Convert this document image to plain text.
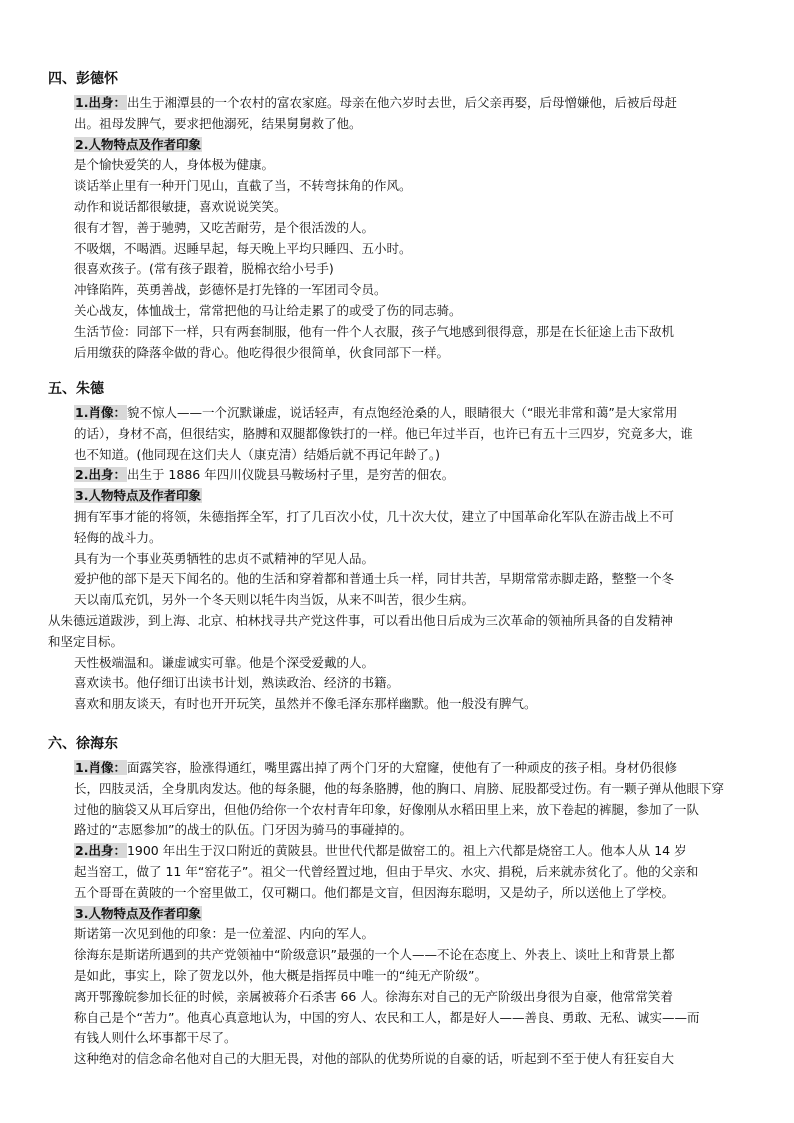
四、彭德怀
1.出身：出生于湘潭县的一个农村的富农家庭。母亲在他六岁时去世，后父亲再娶，后母憎嫌他，后被后母赶
出。祖母发脾气，要求把他溺死，结果舅舅救了他。
2.人物特点及作者印象
是个愉快爱笑的人，身体极为健康。
谈话举止里有一种开门见山，直截了当，不转弯抹角的作风。
动作和说话都很敏捷，喜欢说说笑笑。
很有才智，善于驰骋，又吃苦耐劳，是个很活泼的人。
不吸烟，不喝酒。迟睡早起，每天晚上平均只睡四、五小时。
很喜欢孩子。(常有孩子跟着，脱棉衣给小号手)
冲锋陷阵，英勇善战，彭德怀是打先锋的一军团司令员。
关心战友，体恤战士，常常把他的马让给走累了的或受了伤的同志骑。
生活节俭：同部下一样，只有两套制服，他有一件个人衣服，孩子气地感到很得意，那是在长征途上击下敌机
后用缴获的降落伞做的背心。他吃得很少很简单，伙食同部下一样。
五、朱德
1.肖像：貌不惊人——一个沉默谦虚，说话轻声，有点饱经沧桑的人，眼睛很大（“眼光非常和蔼”是大家常用
的话），身材不高，但很结实，胳膊和双腿都像铁打的一样。他已年过半百，也许已有五十三四岁，究竟多大，谁
也不知道。(他同现在这们夫人（康克清）结婚后就不再记年龄了。)
2.出身：出生于 1886 年四川仪陇县马鞍场村子里，是穷苦的佃农。
3.人物特点及作者印象
拥有军事才能的将领，朱德指挥全军，打了几百次小仗，几十次大仗，建立了中国革命化军队在游击战上不可
轻侮的战斗力。
具有为一个事业英勇牺牲的忠贞不贰精神的罕见人品。
爱护他的部下是天下闻名的。他的生活和穿着都和普通士兵一样，同甘共苦，早期常常赤脚走路，整整一个冬
天以南瓜充饥，另外一个冬天则以牦牛肉当饭，从来不叫苦，很少生病。
从朱德远道跋涉，到上海、北京、柏林找寻共产党这件事，可以看出他日后成为三次革命的领袖所具备的自发精神
和坚定目标。
天性极端温和。谦虚诚实可靠。他是个深受爱戴的人。
喜欢读书。他仔细订出读书计划，熟读政治、经济的书籍。
喜欢和朋友谈天，有时也开开玩笑，虽然并不像毛泽东那样幽默。他一般没有脾气。
六、徐海东
1.肖像：面露笑容，脸涨得通红，嘴里露出掉了两个门牙的大窟窿，使他有了一种顽皮的孩子相。身材仍很修
长，四肢灵活，全身肌肉发达。他的每条腿，他的每条胳膊，他的胸口、肩膀、屁股都受过伤。有一颗子弹从他眼下穿
过他的脑袋又从耳后穿出，但他仍给你一个农村青年印象，好像刚从水稻田里上来，放下卷起的裤腿，参加了一队
路过的“志愿参加”的战士的队伍。门牙因为骑马的事碰掉的。
2.出身：1900 年出生于汉口附近的黄陂县。世世代代都是做窑工的。祖上六代都是烧窑工人。他本人从 14 岁
起当窑工，做了 11 年“窑花子”。祖父一代曾经置过地，但由于旱灾、水灾、捐税，后来就赤贫化了。他的父亲和
五个哥哥在黄陂的一个窑里做工，仅可糊口。他们都是文盲，但因海东聪明，又是幼子，所以送他上了学校。
3.人物特点及作者印象
斯诺第一次见到他的印象：是一位羞涩、内向的军人。
徐海东是斯诺所遇到的共产党领袖中“阶级意识”最强的一个人——不论在态度上、外表上、谈吐上和背景上都
是如此，事实上，除了贺龙以外，他大概是指挥员中唯一的“纯无产阶级”。
离开鄂豫皖参加长征的时候，亲属被蒋介石杀害 66 人。徐海东对自己的无产阶级出身很为自豪，他常常笑着
称自己是个“苦力”。他真心真意地认为，中国的穷人、农民和工人，都是好人——善良、勇敢、无私、诚实——而
有钱人则什么坏事都干尽了。
这种绝对的信念命名他对自己的大胆无畏，对他的部队的优势所说的自豪的话，听起到不至于使人有狂妄自大
